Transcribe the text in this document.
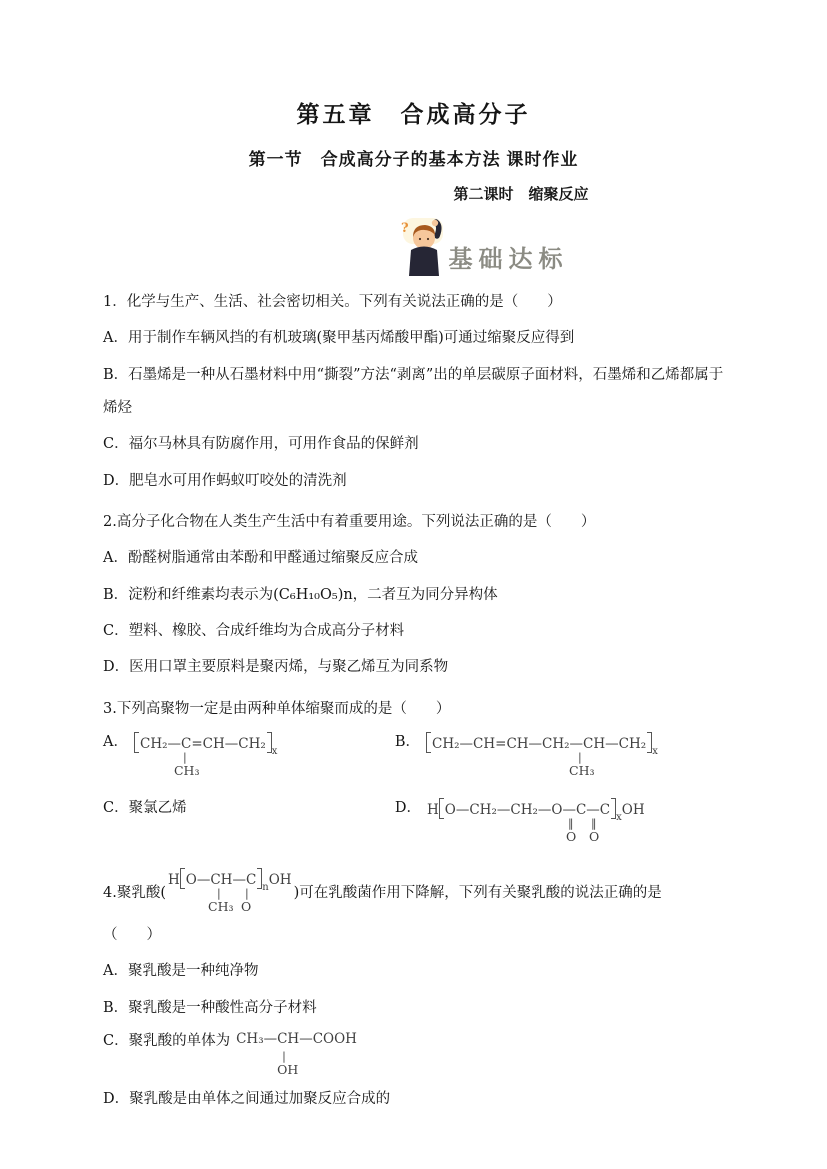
第五章　合成高分子
第一节　合成高分子的基本方法 课时作业
第二课时　缩聚反应
?
基础达标

1．化学与生产、生活、社会密切相关。下列有关说法正确的是（　　）

A．用于制作车辆风挡的有机玻璃(聚甲基丙烯酸甲酯)可通过缩聚反应得到

B．石墨烯是一种从石墨材料中用“撕裂”方法“剥离”出的单层碳原子面材料，石墨烯和乙烯都属于烯烃

C．福尔马林具有防腐作用，可用作食品的保鲜剂

D．肥皂水可用作蚂蚁叮咬处的清洗剂

2.高分子化合物在人类生产生活中有着重要用途。下列说法正确的是（　　）

A．酚醛树脂通常由苯酚和甲醛通过缩聚反应合成

B．淀粉和纤维素均表示为(C₆H₁₀O₅)n，二者互为同分异构体

C．塑料、橡胶、合成纤维均为合成高分子材料

D．医用口罩主要原料是聚丙烯，与聚乙烯互为同系物

3.下列高聚物一定是由两种单体缩聚而成的是（　　）

A． CH₂—C=CH—CH₂ $_x$
|
CH₃
B． CH₂—CH=CH—CH₂—CH—CH₂ $_x$
|
CH₃
C．聚氯乙烯	D． H O—CH₂—CH₂—O—C—C $_x$OH
‖
O
‖
O
4.聚乳酸(
H O—CH—C $_n$OH
|
CH₃
|
O
)可在乳酸菌作用下降解，下列有关聚乳酸的说法正确的是

（　　）

A．聚乳酸是一种纯净物

B．聚乳酸是一种酸性高分子材料

C．聚乳酸的单体为 CH₃—CH—COOH
|
OH

D．聚乳酸是由单体之间通过加聚反应合成的
